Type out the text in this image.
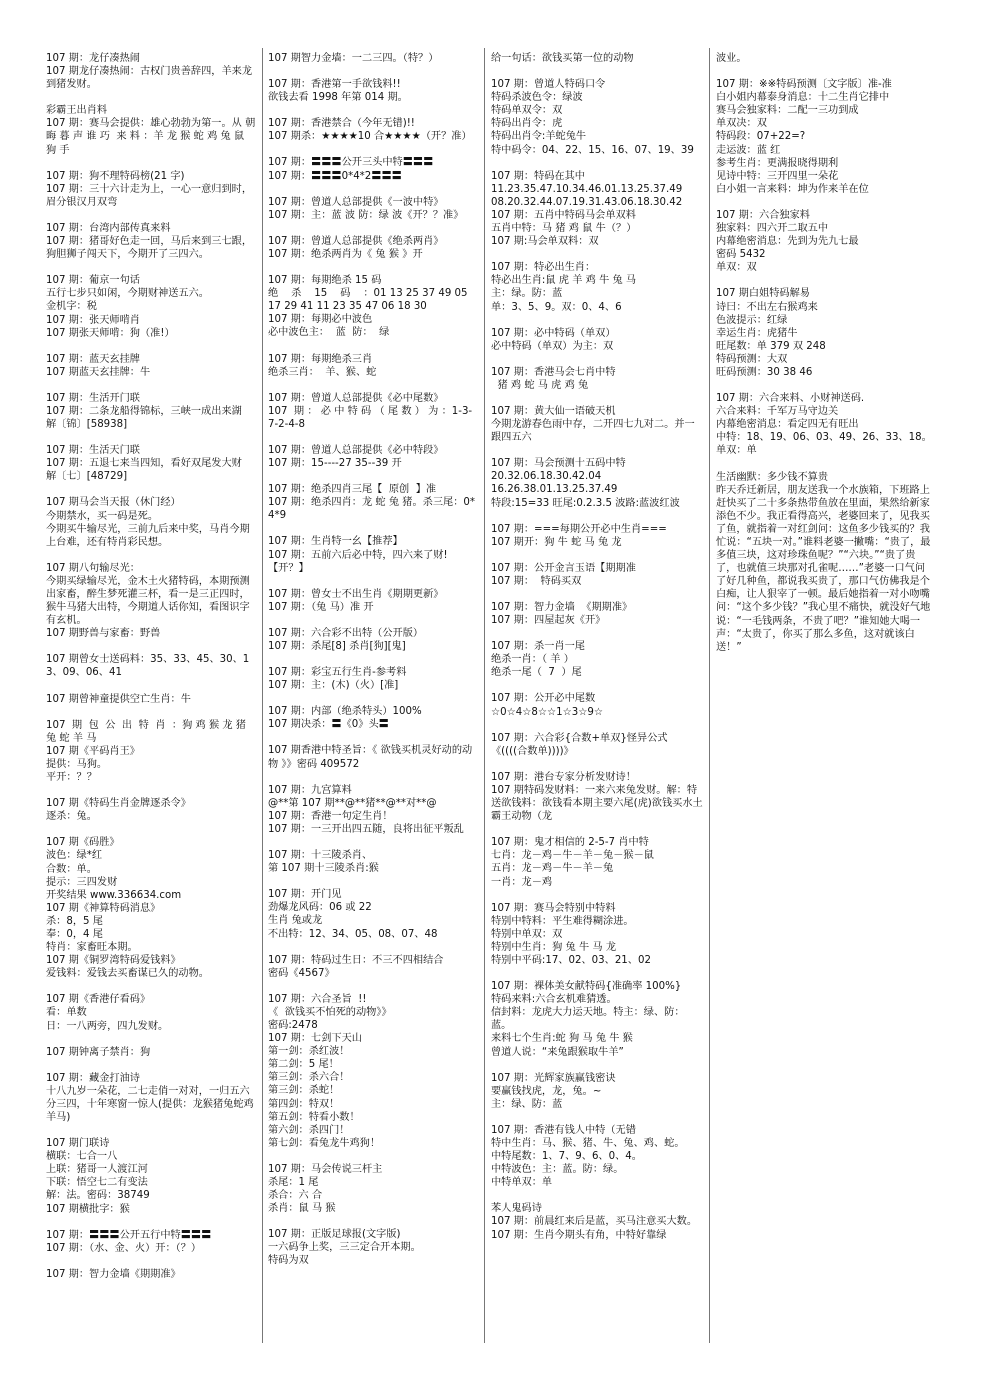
107 期：龙仔凑热闹
107 期龙仔凑热闹：古权门贵善辞四，羊来龙到猪发财。
彩霸王出肖料
107 期：赛马会提供：雄心勃勃为第一。从 朝 晦 暮 声 谁 巧  来 料 ：羊 龙 猴 蛇 鸡 兔 鼠 狗 手
107 期：狗不理特码榜(21 字)
107 期：三十六计走为上，一心一意归到时，眉分银汉月双弯
107 期：台湾内部传真来料
107 期：猪哥好色走一回，马后来到三七跟，狗胆狮子闯天下，今期开了三四六。
107 期：葡京一句话
五行七步只如闲，今期财神送五六。
金机字：税
107 期：张天师啃肖
107 期张天师啃：狗（准!）
107 期：蓝天玄挂牌
107 期蓝天玄挂牌：牛
107 期：生活开门联
107 期：二条龙船得锦标，三峡一成出来湖
解〔锦〕[58938]
107 期：生活天门联
107 期：五退七来当四知，看好双尾发大财
解〔七〕[48729]
107 期马会当天报（休门经）
今期禁水，买一码是死。
今期买牛输尽光，三前九后来中奖，马肖今期上台难，还有特肖彩民想。
107 期八句输尽光：
今期买绿输尽光，金木土火猪特码，本期预测出家畜，醉生梦死灌三杯，看一是三正四时，猴牛马猪大出特，今期道人话你知，看图识字有玄机。
107 期野兽与家畜：野兽
107 期曾女士送码料：35、33、45、30、13、09、06、41
107 期曾神童提供空亡生肖：牛
107  期  包  公  出  特  肖  ：狗 鸡 猴 龙 猪 兔 蛇 羊 马
107 期《平码肖王》
提供：马狗。
平开：？？
107 期《特码生肖金牌逐杀令》
逐杀：兔。
107 期《码胜》
波色：绿*红
合数：单。
提示：三四发财
开奖结果 www.336634.com
107 期《神算特码消息》
杀：8，5 尾
奉：0，4 尾
特肖：家畜旺本期。
107 期《铜罗湾特码爱钱料》
爱钱料：爱钱去买畜谋已久的动物。
107 期《香港仔看码》
看：单数
日：一八两旁，四九发财。
107 期钟离子禁肖：狗
107 期：藏金打油诗
十八九岁一朵花，二七走俏一对对，一归五六分三四，十年寒窗一惊人(提供：龙猴猪兔蛇鸡羊马)
107 期门联诗
横联：七合一八
上联：猪哥一人渡江河
下联：悟空七二有变法
解：法。密码：38749
107 期横批字：猴
107 期：〓〓〓公开五行中特〓〓〓
107 期：（水、金、火）开：（？）
107 期：智力金墙《期期准》
107 期智力金墙：一二三四。（特？）
107 期：香港第一手欲钱料!!
欲钱去看 1998 年第 014 期。
107 期：香港禁合（今年无错)!!
107 期杀：★★★★10 合★★★★（开？准）
107 期：〓〓〓公开三头中特〓〓〓
107 期：〓〓〓0*4*2〓〓〓
107 期：曾道人总部提供《一波中特》
107 期：主：蓝 波 防：绿 波《开？？准》
107 期：曾道人总部提供《绝杀两肖》
107 期：绝杀两肖为《 兔 猴 》开
107 期：每期绝杀 15 码
绝    杀    15    码    ：01 13 25 37 49 05 17 29 41 11 23 35 47 06 18 30
107 期：每期必中波色
必中波色主：  蓝  防：  绿
107 期：每期绝杀三肖
绝杀三肖：  羊、猴、蛇
107 期：曾道人总部提供《必中尾数》
107  期 ： 必 中 特 码 （ 尾 数 ） 为 ：1-3-7-2-4-8
107 期：曾道人总部提供《必中特段》
107 期：15----27 35--39 开
107 期：绝杀四肖三尾【  原创  】准
107 期：绝杀四肖：龙 蛇 兔 猪。杀三尾：0*4*9
107 期：生肖特一幺【推荐】
107 期：五前六后必中特，四六来了财!【开？】
107 期：曾女士不出生肖《期期更新》
107 期：（兔 马）准 开
107 期：六合彩不出特（公开版）
107 期：杀尾[8] 杀肖[狗][鬼]
107 期：彩宝五行生肖-参考料
107 期：主：(木)（火）[准]
107 期：内部（绝杀特头）100%
107 期决杀：〓《0》头〓
107 期香港中特圣旨：《 欲钱买机灵好动的动物 》》密码 409572
107 期：九宫算料
@**第 107 期**@**猪**@**对**@
107 期：香港一句定生肖！
107 期：一三开出四五随，良将出征平叛乱
107 期：十三陵杀肖、
第 107 期十三陵杀肖:猴
107 期：开门见
劲爆龙风码：06 或 22
生肖 兔或龙
不出特：12、34、05、08、07、48
107 期：特码过生日：不三不四相结合
密码《4567》
107 期：六合圣旨  !!
《  欲钱买不怕死的动物》》
密码:2478
107 期：七剑下天山
第一剑：杀红波！
第二剑：5 尾！
第三剑：杀六合！
第三剑：杀蛇！
第四剑：特双！
第五剑：特看小数！
第六剑：杀四门！
第七剑：看兔龙牛鸡狗！
107 期：马会传说三杆主
杀尾：1 尾
杀合：六 合
杀肖：鼠 马 猴
107 期：正版足球报(文字版)
一六码争上奖，三三定合开本期。
特码为双
给一句话：欲钱买第一位的动物
107 期：曾道人特码口令
特码杀波色令：绿波
特码单双令：双
特码出肖令：虎
特码出肖令:羊蛇兔牛
特中码令：04、22、15、16、07、19、39
107 期：特码在其中
11.23.35.47.10.34.46.01.13.25.37.49
08.20.32.44.07.19.31.43.06.18.30.42
107 期：五肖中特码马会单双料
五肖中特：马 猪 鸡 鼠 牛（？）
107 期:马会单双料：双
107 期：特必出生肖：
特必出生肖:鼠 虎 羊 鸡 牛 兔 马
主：绿。防：蓝
单：3、5、9。双：0、4、6
107 期：必中特码（单双）
必中特码（单双）为主：双
107 期：香港马会七肖中特
猪 鸡 蛇 马 虎 鸡 兔
107 期：黄大仙一语破天机
今期龙游春色雨中存，二开四七九对二。并一跟四五六
107 期：马会预测十五码中特
20.32.06.18.30.42.04
16.26.38.01.13.25.37.49
特段:15=33 旺尾:0.2.3.5 波路:蓝波红波
107 期：===每期公开必中生肖===
107 期开：狗 牛 蛇 马 兔 龙
107 期：公开金言玉语【期期准
107 期：  特码买双
107 期：智力金墙  《期期准》
107 期：四屋起灰《开》
107 期：杀一肖一尾
绝杀一肖：（ 羊 ）
绝杀一尾（  7  ）尾
107 期：公开必中尾数
☆0☆4☆8☆☆1☆3☆9☆
107 期：六合彩{合数+单双}怪异公式
《((((合数单))))》
107 期：港台专家分析发财诗！
107 期特码发财料：一来六来兔发财。解：特送欲钱料：欲钱看本期主要六尾(虎)欲钱买水土霸王动物（龙
107 期：鬼才相信的 2-5-7 肖中特
七肖：龙－鸡－牛－羊－兔－猴－鼠
五肖：龙－鸡－牛－羊－兔
一肖：龙－鸡
107 期：赛马会特别中特料
特别中特料：平生难得糊涂进。
特别中单双：双
特别中生肖：狗 兔 牛 马 龙
特别中平码:17、02、03、21、02
107 期：裸体美女献特码{准确率 100%}
特码来料:六合玄机难猜透。
信封料：龙虎大力运天地。特主：绿、防：蓝。
来料七个生肖:蛇 狗 马 兔 牛 猴
曾道人说：“来兔跟猴取牛羊”
107 期：光辉家族赢钱密诀
要赢钱找虎，龙，兔。~
主：绿、防：蓝
107 期：香港有钱人中特（无错
特中生肖：马、猴、猪、牛、兔、鸡、蛇。
中特尾数：1、7、9、6、0、4。
中特波色：主：蓝。防：绿。
中特单双：单
苯人鬼码诗
107 期：前晨红来后是蓝，买马注意买大数。
107 期：生肖今期头有角，中特好靠绿
波业。
107 期：※※特码预测〔文字版〕准-准
白小姐内幕泰身消息：十二生肖它排中
赛马会独家料：二配一三功到成
单双决：双
特码段：07+22=?
走运波：蓝 红
参考生肖：更满报晓得期利
见诗中特：三开四里一朵花
白小姐一言来料：坤为作来羊在位
107 期：六合独家料
独家料：四六开二取五中
内幕绝密消息：先到为先九七最
密码 5432
单双：双
107 期白姐特码解易
诗曰：不出左右猴鸡来
色波提示：红绿
幸运生肖：虎猪牛
旺尾数：单 379 双 248
特码预测：大双
旺码预测：30 38 46
107 期：六合来料、小财神送码.
六合来料：千军万马守边关
内幕绝密消息：看定四无有旺出
中特：18、19、06、03、49、26、33、18。
单双：单
生活幽默：多少钱不算贵
昨天乔迁新居，朋友送我一个水族箱，下班路上赶快买了二十多条热带鱼放在里面，果然给新家添色不少。我正看得高兴，老婆回来了，见我买了鱼，就指着一对红剑问：这鱼多少钱买的？我忙说：“五块一对。”谁料老婆一撇嘴：“贵了，最多值三块，这对珍珠鱼呢？”“六块。”“贵了贵了，也就值三块那对孔雀呢……”老婆一口气问了好几种鱼，都说我买贵了，那口气仿佛我是个白痴，让人狠宰了一顿。最后她指着一对小吻嘴问：“这个多少钱？”我心里不痛快，就没好气地说：“一毛钱两条，不贵了吧？”谁知她大喝一声：“太贵了，你买了那么多鱼，这对就该白送！”
